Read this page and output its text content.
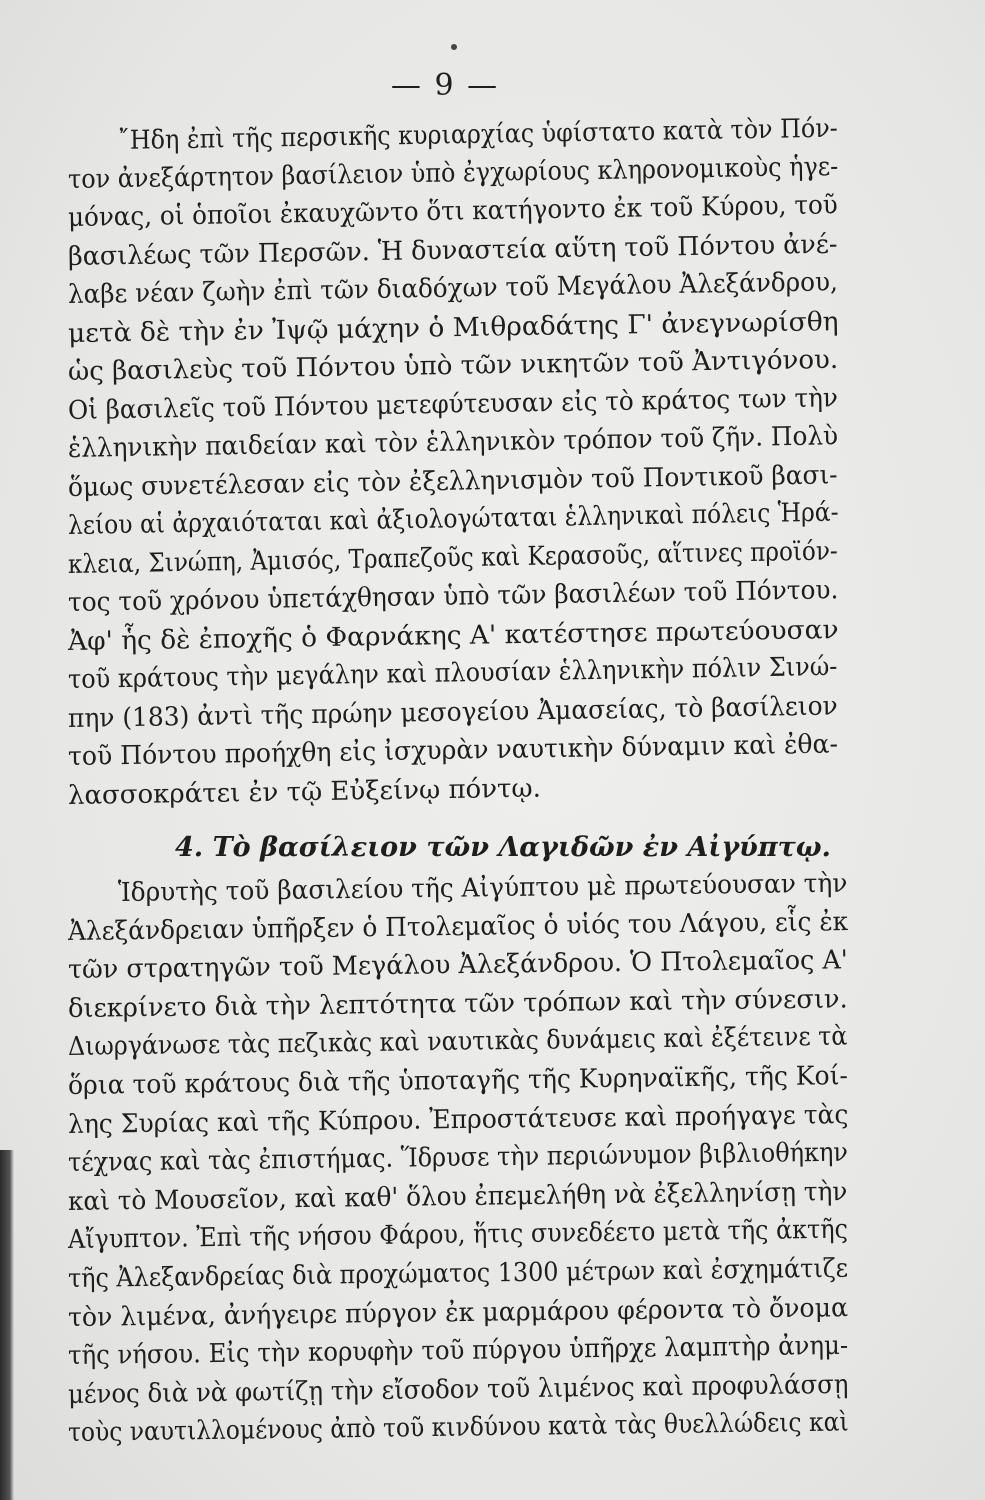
— 9 —
῎Ηδη ἐπὶ τῆς περσικῆς κυριαρχίας ὑφίστατο κατὰ τὸν Πόν-
τον ἀνεξάρτητον βασίλειον ὑπὸ ἐγχωρίους κληρονομικοὺς ἡγε-
μόνας, οἱ ὁποῖοι ἐκαυχῶντο ὅτι κατήγοντο ἐκ τοῦ Κύρου, τοῦ
βασιλέως τῶν Περσῶν. Ἡ δυναστεία αὕτη τοῦ Πόντου ἀνέ-
λαβε νέαν ζωὴν ἐπὶ τῶν διαδόχων τοῦ Μεγάλου Ἀλεξάνδρου,
μετὰ δὲ τὴν ἐν Ἰψῷ μάχην ὁ Μιθραδάτης Γ' ἀνεγνωρίσθη
ὡς βασιλεὺς τοῦ Πόντου ὑπὸ τῶν νικητῶν τοῦ Ἀντιγόνου.
Οἱ βασιλεῖς τοῦ Πόντου μετεφύτευσαν εἰς τὸ κράτος των τὴν
ἑλληνικὴν παιδείαν καὶ τὸν ἑλληνικὸν τρόπον τοῦ ζῆν. Πολὺ
ὅμως συνετέλεσαν εἰς τὸν ἐξελληνισμὸν τοῦ Ποντικοῦ βασι-
λείου αἱ ἀρχαιόταται καὶ ἀξιολογώταται ἑλληνικαὶ πόλεις Ἡρά-
κλεια, Σινώπη, Ἀμισός, Τραπεζοῦς καὶ Κερασοῦς, αἵτινες προϊόν-
τος τοῦ χρόνου ὑπετάχθησαν ὑπὸ τῶν βασιλέων τοῦ Πόντου.
Ἀφ' ἧς δὲ ἐποχῆς ὁ Φαρνάκης Α' κατέστησε πρωτεύουσαν
τοῦ κράτους τὴν μεγάλην καὶ πλουσίαν ἑλληνικὴν πόλιν Σινώ-
πην (183) ἀντὶ τῆς πρώην μεσογείου Ἀμασείας, τὸ βασίλειον
τοῦ Πόντου προήχθη εἰς ἰσχυρὰν ναυτικὴν δύναμιν καὶ ἐθα-
λασσοκράτει ἐν τῷ Εὐξείνῳ πόντῳ.
4. Τὸ βασίλειον τῶν Λαγιδῶν ἐν Αἰγύπτῳ.
Ἱδρυτὴς τοῦ βασιλείου τῆς Αἰγύπτου μὲ πρωτεύουσαν τὴν
Ἀλεξάνδρειαν ὑπῆρξεν ὁ Πτολεμαῖος ὁ υἱός του Λάγου, εἷς ἐκ
τῶν στρατηγῶν τοῦ Μεγάλου Ἀλεξάνδρου. Ὁ Πτολεμαῖος Α'
διεκρίνετο διὰ τὴν λεπτότητα τῶν τρόπων καὶ τὴν σύνεσιν.
Διωργάνωσε τὰς πεζικὰς καὶ ναυτικὰς δυνάμεις καὶ ἐξέτεινε τὰ
ὅρια τοῦ κράτους διὰ τῆς ὑποταγῆς τῆς Κυρηναϊκῆς, τῆς Κοί-
λης Συρίας καὶ τῆς Κύπρου. Ἐπροστάτευσε καὶ προήγαγε τὰς
τέχνας καὶ τὰς ἐπιστήμας. Ἵδρυσε τὴν περιώνυμον βιβλιοθήκην
καὶ τὸ Μουσεῖον, καὶ καθ' ὅλου ἐπεμελήθη νὰ ἐξελληνίσῃ τὴν
Αἴγυπτον. Ἐπὶ τῆς νήσου Φάρου, ἥτις συνεδέετο μετὰ τῆς ἀκτῆς
τῆς Ἀλεξανδρείας διὰ προχώματος 1300 μέτρων καὶ ἐσχημάτιζε
τὸν λιμένα, ἀνήγειρε πύργον ἐκ μαρμάρου φέροντα τὸ ὄνομα
τῆς νήσου. Εἰς τὴν κορυφὴν τοῦ πύργου ὑπῆρχε λαμπτὴρ ἀνημ-
μένος διὰ νὰ φωτίζῃ τὴν εἴσοδον τοῦ λιμένος καὶ προφυλάσσῃ
τοὺς ναυτιλλομένους ἀπὸ τοῦ κινδύνου κατὰ τὰς θυελλώδεις καὶ
